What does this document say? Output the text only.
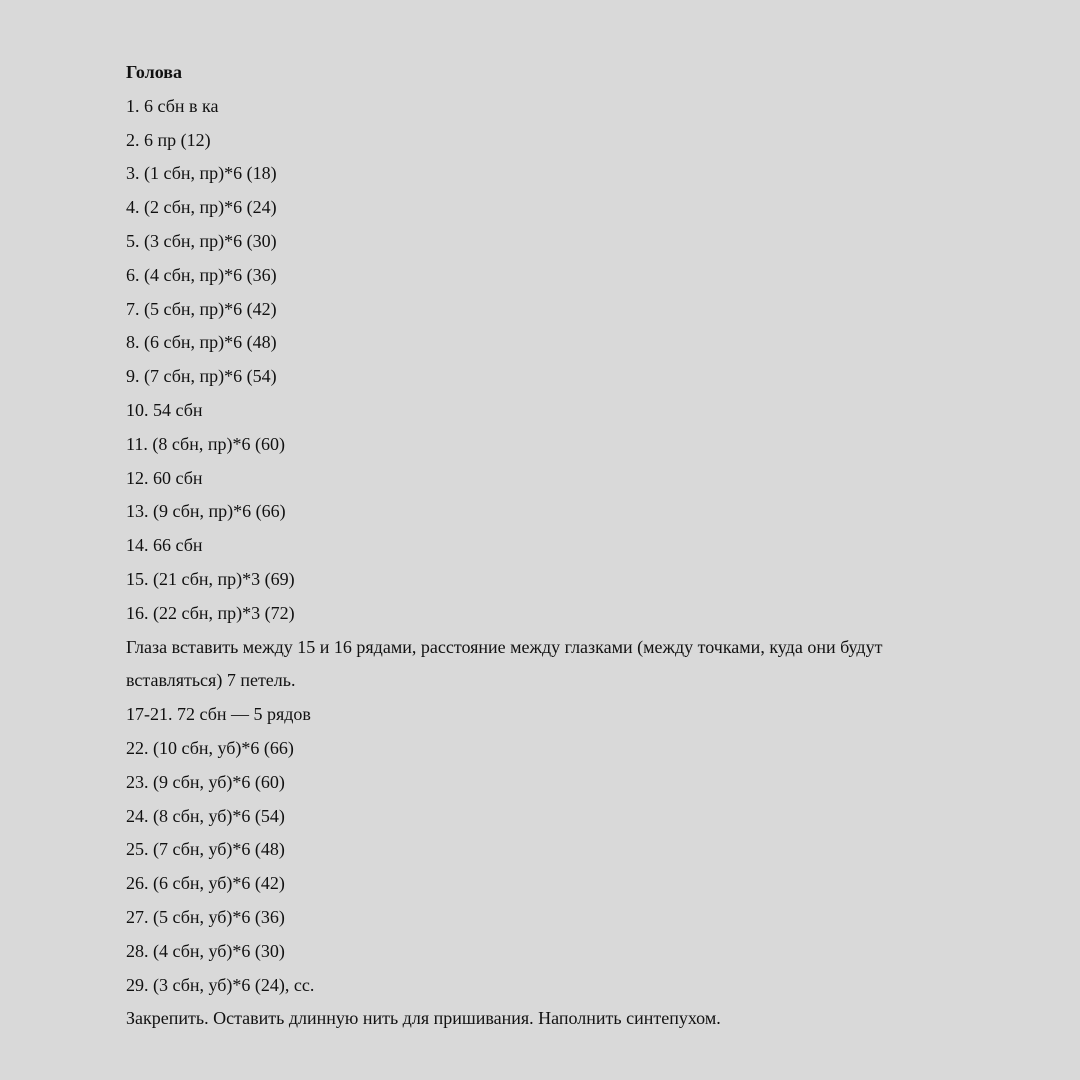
Голова

1. 6 сбн в ка
2. 6 пр (12)
3. (1 сбн, пр)*6 (18)
4. (2 сбн, пр)*6 (24)
5. (3 сбн, пр)*6 (30)
6. (4 сбн, пр)*6 (36)
7. (5 сбн, пр)*6 (42)
8. (6 сбн, пр)*6 (48)
9. (7 сбн, пр)*6 (54)
10. 54 сбн
11. (8 сбн, пр)*6 (60)
12. 60 сбн
13. (9 сбн, пр)*6 (66)
14. 66 сбн
15. (21 сбн, пр)*3 (69)
16. (22 сбн, пр)*3 (72)
Глаза вставить между 15 и 16 рядами, расстояние между глазками (между точками, куда они будут вставляться) 7 петель.
17-21. 72 сбн — 5 рядов
22. (10 сбн, уб)*6 (66)
23. (9 сбн, уб)*6 (60)
24. (8 сбн, уб)*6 (54)
25. (7 сбн, уб)*6 (48)
26. (6 сбн, уб)*6 (42)
27. (5 сбн, уб)*6 (36)
28. (4 сбн, уб)*6 (30)
29. (3 сбн, уб)*6 (24), сс.
Закрепить. Оставить длинную нить для пришивания. Наполнить синтепухом.
